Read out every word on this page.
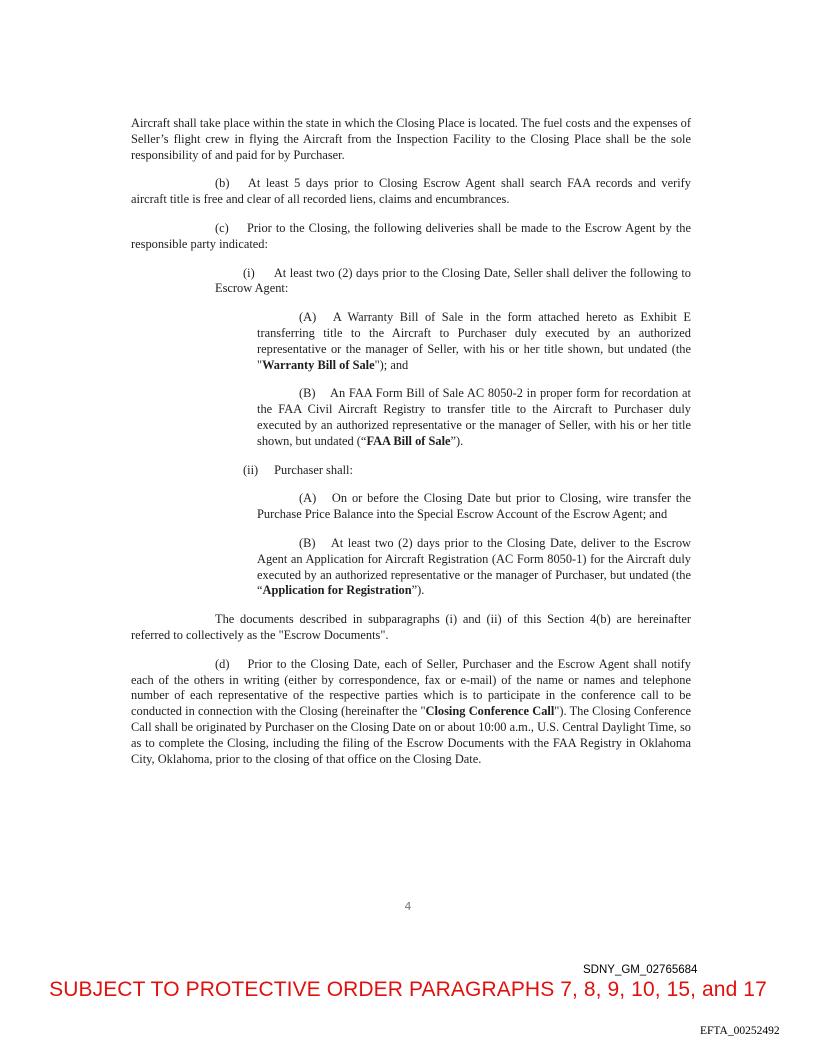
Aircraft shall take place within the state in which the Closing Place is located. The fuel costs and the expenses of Seller’s flight crew in flying the Aircraft from the Inspection Facility to the Closing Place shall be the sole responsibility of and paid for by Purchaser.

(b) At least 5 days prior to Closing Escrow Agent shall search FAA records and verify aircraft title is free and clear of all recorded liens, claims and encumbrances.

(c) Prior to the Closing, the following deliveries shall be made to the Escrow Agent by the responsible party indicated:

(i) At least two (2) days prior to the Closing Date, Seller shall deliver the following to Escrow Agent:

(A) A Warranty Bill of Sale in the form attached hereto as Exhibit E transferring title to the Aircraft to Purchaser duly executed by an authorized representative or the manager of Seller, with his or her title shown, but undated (the "Warranty Bill of Sale"); and

(B) An FAA Form Bill of Sale AC 8050-2 in proper form for recordation at the FAA Civil Aircraft Registry to transfer title to the Aircraft to Purchaser duly executed by an authorized representative or the manager of Seller, with his or her title shown, but undated (“FAA Bill of Sale”).

(ii) Purchaser shall:

(A) On or before the Closing Date but prior to Closing, wire transfer the Purchase Price Balance into the Special Escrow Account of the Escrow Agent; and

(B) At least two (2) days prior to the Closing Date, deliver to the Escrow Agent an Application for Aircraft Registration (AC Form 8050-1) for the Aircraft duly executed by an authorized representative or the manager of Purchaser, but undated (the “Application for Registration”).

The documents described in subparagraphs (i) and (ii) of this Section 4(b) are hereinafter referred to collectively as the "Escrow Documents".

(d) Prior to the Closing Date, each of Seller, Purchaser and the Escrow Agent shall notify each of the others in writing (either by correspondence, fax or e-mail) of the name or names and telephone number of each representative of the respective parties which is to participate in the conference call to be conducted in connection with the Closing (hereinafter the "Closing Conference Call"). The Closing Conference Call shall be originated by Purchaser on the Closing Date on or about 10:00 a.m., U.S. Central Daylight Time, so as to complete the Closing, including the filing of the Escrow Documents with the FAA Registry in Oklahoma City, Oklahoma, prior to the closing of that office on the Closing Date.

4
SDNY_GM_02765684
SUBJECT TO PROTECTIVE ORDER PARAGRAPHS 7, 8, 9, 10, 15, and 17
EFTA_00252492
